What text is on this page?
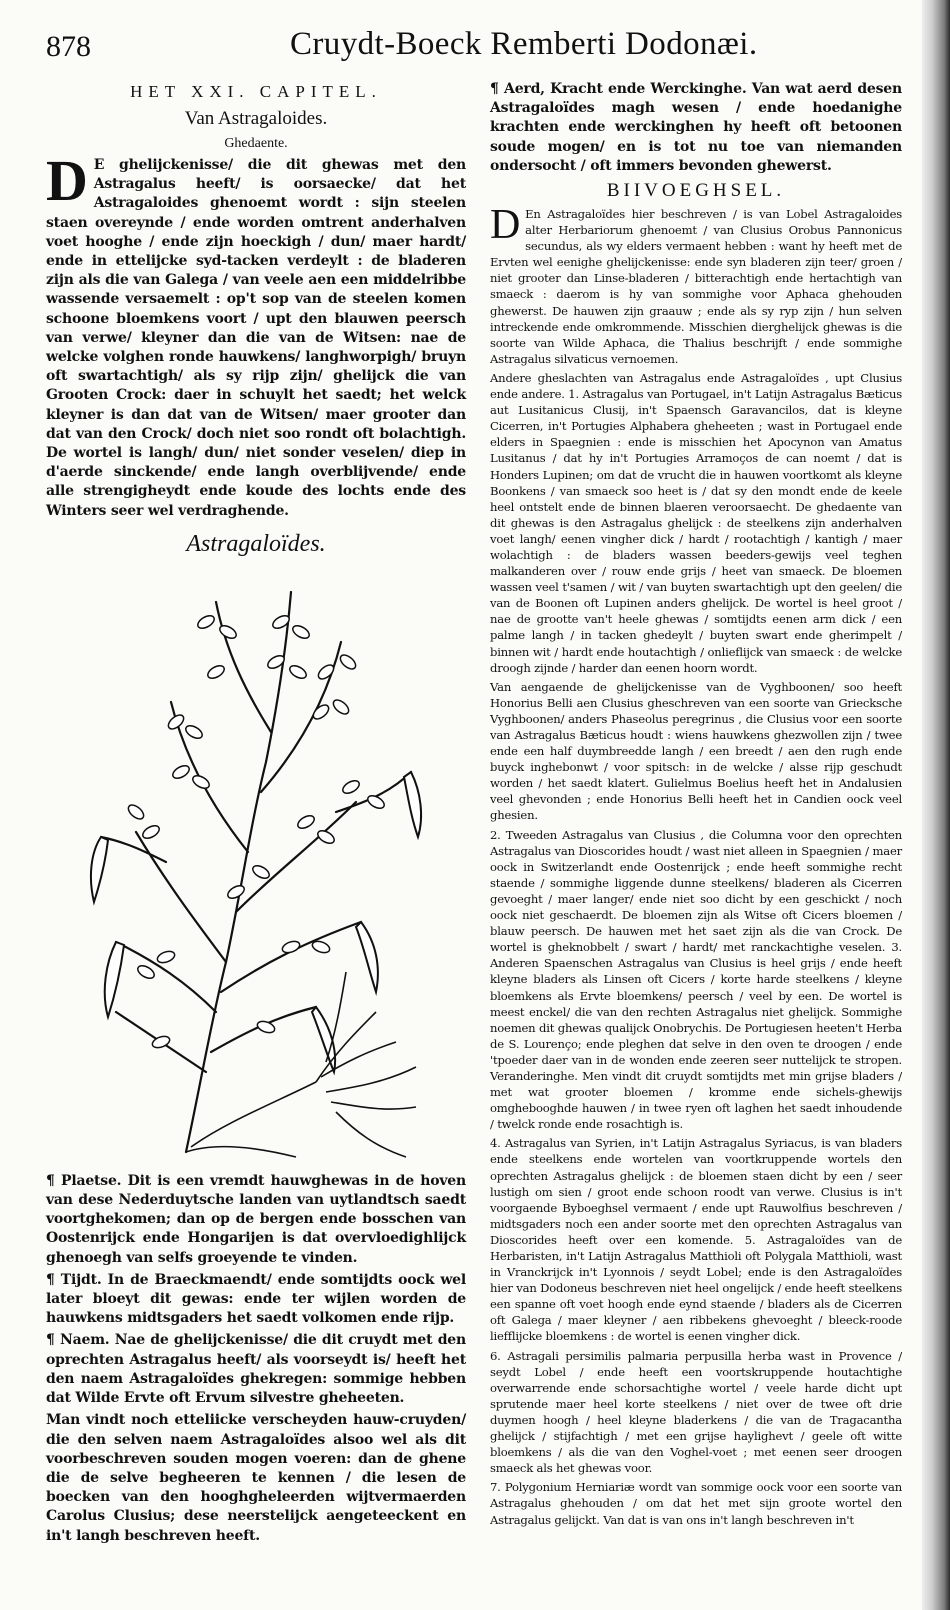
878	Cruydt-Boeck Remberti Dodonæi.
HET XXI. CAPITEL.
Van Astragaloides.
Ghedaente.

D E ghelijckenisse/ die dit ghewas met den Astragalus heeft/ is oorsaecke/ dat het Astragaloides ghenoemt wordt : sijn steelen staen overeynde / ende worden omtrent anderhalven voet hooghe / ende zijn hoeckigh / dun/ maer hardt/ ende in ettelijcke syd-tacken verdeylt : de bladeren zijn als die van Galega / van veele aen een middelribbe wassende versaemelt : op't sop van de steelen komen schoone bloemkens voort / upt den blauwen peersch van verwe/ kleyner dan die van de Witsen: nae de welcke volghen ronde hauwkens/ langhworpigh/ bruyn oft swartachtigh/ als sy rijp zijn/ ghelijck die van Grooten Crock: daer in schuylt het saedt; het welck kleyner is dan dat van de Witsen/ maer grooter dan dat van den Crock/ doch niet soo rondt oft bolachtigh. De wortel is langh/ dun/ niet sonder veselen/ diep in d'aerde sinckende/ ende langh overblijvende/ ende alle strengigheydt ende koude des lochts ende des Winters seer wel verdraghende.

Astragaloïdes.

¶ Plaetse. Dit is een vremdt hauwghewas in de hoven van dese Nederduytsche landen van uytlandtsch saedt voortghekomen; dan op de bergen ende bosschen van Oostenrijck ende Hongarijen is dat overvloedighlijck ghenoegh van selfs groeyende te vinden.

¶ Tijdt. In de Braeckmaendt/ ende somtijdts oock wel later bloeyt dit gewas: ende ter wijlen worden de hauwkens midtsgaders het saedt volkomen ende rijp.

¶ Naem. Nae de ghelijckenisse/ die dit cruydt met den oprechten Astragalus heeft/ als voorseydt is/ heeft het den naem Astragaloïdes ghekregen: sommige hebben dat Wilde Ervte oft Ervum silvestre gheheeten.

Man vindt noch etteliicke verscheyden hauw-cruyden/ die den selven naem Astragaloïdes alsoo wel als dit voorbeschreven souden mogen voeren: dan de ghene die de selve begheeren te kennen / die lesen de boecken van den hooghgheleerden wijtvermaerden Carolus Clusius; dese neerstelijck aengeteeckent en in't langh beschreven heeft.

¶ Aerd, Kracht ende Werckinghe. Van wat aerd desen Astragaloïdes magh wesen / ende hoedanighe krachten ende werckinghen hy heeft oft betoonen soude mogen/ en is tot nu toe van niemanden ondersocht / oft immers bevonden ghewerst.

BIIVOEGHSEL.

D En Astragaloïdes hier beschreven / is van Lobel Astragaloides alter Herbariorum ghenoemt / van Clusius Orobus Pannonicus secundus, als wy elders vermaent hebben : want hy heeft met de Ervten wel eenighe ghelijckenisse: ende syn bladeren zijn teer/ groen / niet grooter dan Linse-bladeren / bitterachtigh ende hertachtigh van smaeck : daerom is hy van sommighe voor Aphaca ghehouden ghewerst. De hauwen zijn graauw ; ende als sy ryp zijn / hun selven intreckende ende omkrommende. Misschien dierghelijck ghewas is die soorte van Wilde Aphaca, die Thalius beschrijft / ende sommighe Astragalus silvaticus vernoemen.

Andere gheslachten van Astragalus ende Astragaloïdes , upt Clusius ende andere. 1. Astragalus van Portugael, in't Latijn Astragalus Bæticus aut Lusitanicus Clusij, in't Spaensch Garavancilos, dat is kleyne Cicerren, in't Portugies Alphabera gheheeten ; wast in Portugael ende elders in Spaegnien : ende is misschien het Apocynon van Amatus Lusitanus / dat hy in't Portugies Arramoços de can noemt / dat is Honders Lupinen; om dat de vrucht die in hauwen voortkomt als kleyne Boonkens / van smaeck soo heet is / dat sy den mondt ende de keele heel ontstelt ende de binnen blaeren veroorsaecht. De ghedaente van dit ghewas is den Astragalus ghelijck : de steelkens zijn anderhalven voet langh/ eenen vingher dick / hardt / rootachtigh / kantigh / maer wolachtigh : de bladers wassen beeders-gewijs veel teghen malkanderen over / rouw ende grijs / heet van smaeck. De bloemen wassen veel t'samen / wit / van buyten swartachtigh upt den geelen/ die van de Boonen oft Lupinen anders ghelijck. De wortel is heel groot / nae de grootte van't heele ghewas / somtijdts eenen arm dick / een palme langh / in tacken ghedeylt / buyten swart ende gherimpelt / binnen wit / hardt ende houtachtigh / onlieflijck van smaeck : de welcke droogh zijnde / harder dan eenen hoorn wordt.

Van aengaende de ghelijckenisse van de Vyghboonen/ soo heeft Honorius Belli aen Clusius gheschreven van een soorte van Griecksche Vyghboonen/ anders Phaseolus peregrinus , die Clusius voor een soorte van Astragalus Bæticus houdt : wiens hauwkens ghezwollen zijn / twee ende een half duymbreedde langh / een breedt / aen den rugh ende buyck inghebonwt / voor spitsch: in de welcke / alsse rijp geschudt worden / het saedt klatert. Gulielmus Boelius heeft het in Andalusien veel ghevonden ; ende Honorius Belli heeft het in Candien oock veel ghesien.

2. Tweeden Astragalus van Clusius , die Columna voor den oprechten Astragalus van Dioscorides houdt / wast niet alleen in Spaegnien / maer oock in Switzerlandt ende Oostenrijck ; ende heeft sommighe recht staende / sommighe liggende dunne steelkens/ bladeren als Cicerren gevoeght / maer langer/ ende niet soo dicht by een geschickt / noch oock niet geschaerdt. De bloemen zijn als Witse oft Cicers bloemen / blauw peersch. De hauwen met het saet zijn als die van Crock. De wortel is gheknobbelt / swart / hardt/ met ranckachtighe veselen. 3. Anderen Spaenschen Astragalus van Clusius is heel grijs / ende heeft kleyne bladers als Linsen oft Cicers / korte harde steelkens / kleyne bloemkens als Ervte bloemkens/ peersch / veel by een. De wortel is meest enckel/ die van den rechten Astragalus niet ghelijck. Sommighe noemen dit ghewas qualijck Onobrychis. De Portugiesen heeten't Herba de S. Lourenço; ende pleghen dat selve in den oven te droogen / ende 'tpoeder daer van in de wonden ende zeeren seer nuttelijck te stropen. Veranderinghe. Men vindt dit cruydt somtijdts met min grijse bladers / met wat grooter bloemen / kromme ende sichels-ghewijs omghebooghde hauwen / in twee ryen oft laghen het saedt inhoudende / twelck ronde ende rosachtigh is.

4. Astragalus van Syrien, in't Latijn Astragalus Syriacus, is van bladers ende steelkens ende wortelen van voortkruppende wortels den oprechten Astragalus ghelijck : de bloemen staen dicht by een / seer lustigh om sien / groot ende schoon roodt van verwe. Clusius is in't voorgaende Byboeghsel vermaent / ende upt Rauwolfius beschreven / midtsgaders noch een ander soorte met den oprechten Astragalus van Dioscorides heeft over een komende. 5. Astragaloïdes van de Herbaristen, in't Latijn Astragalus Matthioli oft Polygala Matthioli, wast in Vranckrijck in't Lyonnois / seydt Lobel; ende is den Astragaloïdes hier van Dodoneus beschreven niet heel ongelijck / ende heeft steelkens een spanne oft voet hoogh ende eynd staende / bladers als de Cicerren oft Galega / maer kleyner / aen ribbekens ghevoeght / bleeck-roode liefflijcke bloemkens : de wortel is eenen vingher dick.

6. Astragali persimilis palmaria perpusilla herba wast in Provence / seydt Lobel / ende heeft een voortskruppende houtachtighe overwarrende ende schorsachtighe wortel / veele harde dicht upt sprutende maer heel korte steelkens / niet over de twee oft drie duymen hoogh / heel kleyne bladerkens / die van de Tragacantha ghelijck / stijfachtigh / met een grijse haylighevt / geele oft witte bloemkens / als die van den Voghel-voet ; met eenen seer droogen smaeck als het ghewas voor.

7. Polygonium Herniariæ wordt van sommige oock voor een soorte van Astragalus ghehouden / om dat het met sijn groote wortel den Astragalus gelijckt. Van dat is van ons in't langh beschreven in't
